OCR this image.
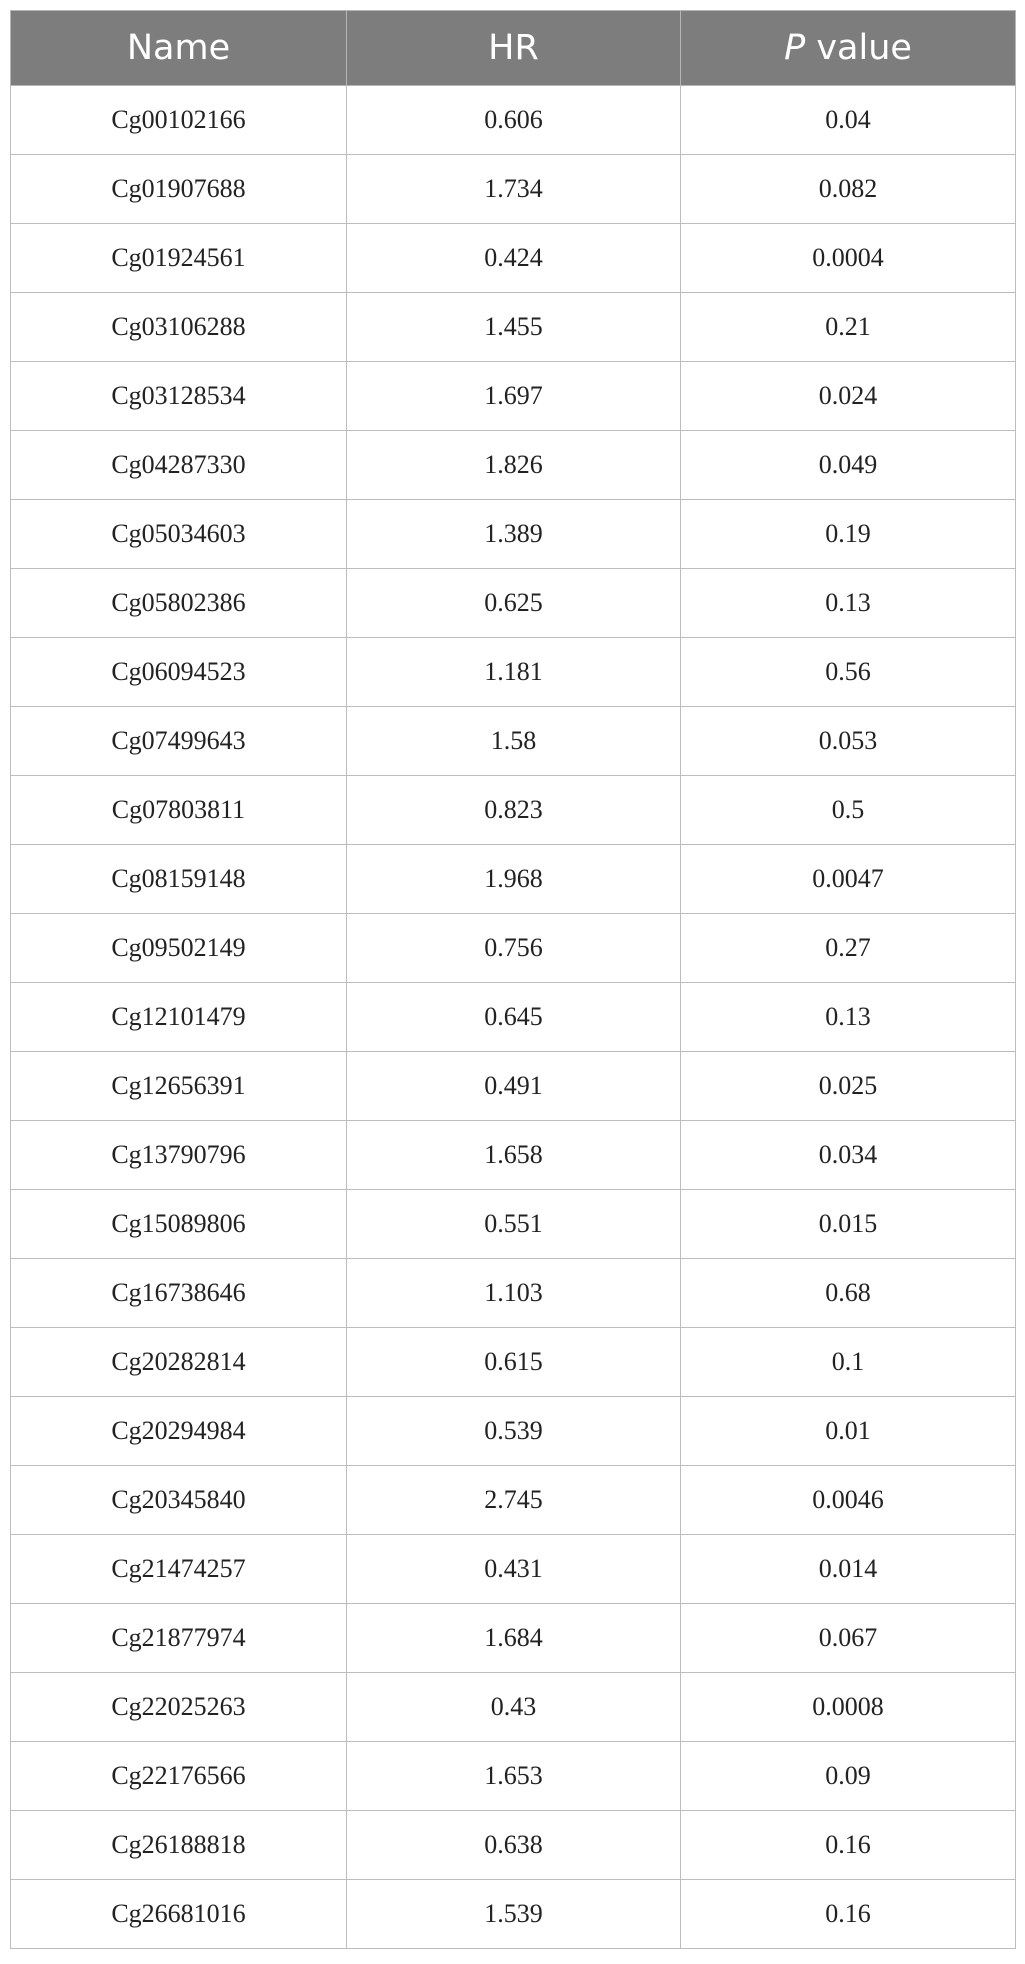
Name	HR	P value
Cg00102166	0.606	0.04
Cg01907688	1.734	0.082
Cg01924561	0.424	0.0004
Cg03106288	1.455	0.21
Cg03128534	1.697	0.024
Cg04287330	1.826	0.049
Cg05034603	1.389	0.19
Cg05802386	0.625	0.13
Cg06094523	1.181	0.56
Cg07499643	1.58	0.053
Cg07803811	0.823	0.5
Cg08159148	1.968	0.0047
Cg09502149	0.756	0.27
Cg12101479	0.645	0.13
Cg12656391	0.491	0.025
Cg13790796	1.658	0.034
Cg15089806	0.551	0.015
Cg16738646	1.103	0.68
Cg20282814	0.615	0.1
Cg20294984	0.539	0.01
Cg20345840	2.745	0.0046
Cg21474257	0.431	0.014
Cg21877974	1.684	0.067
Cg22025263	0.43	0.0008
Cg22176566	1.653	0.09
Cg26188818	0.638	0.16
Cg26681016	1.539	0.16
